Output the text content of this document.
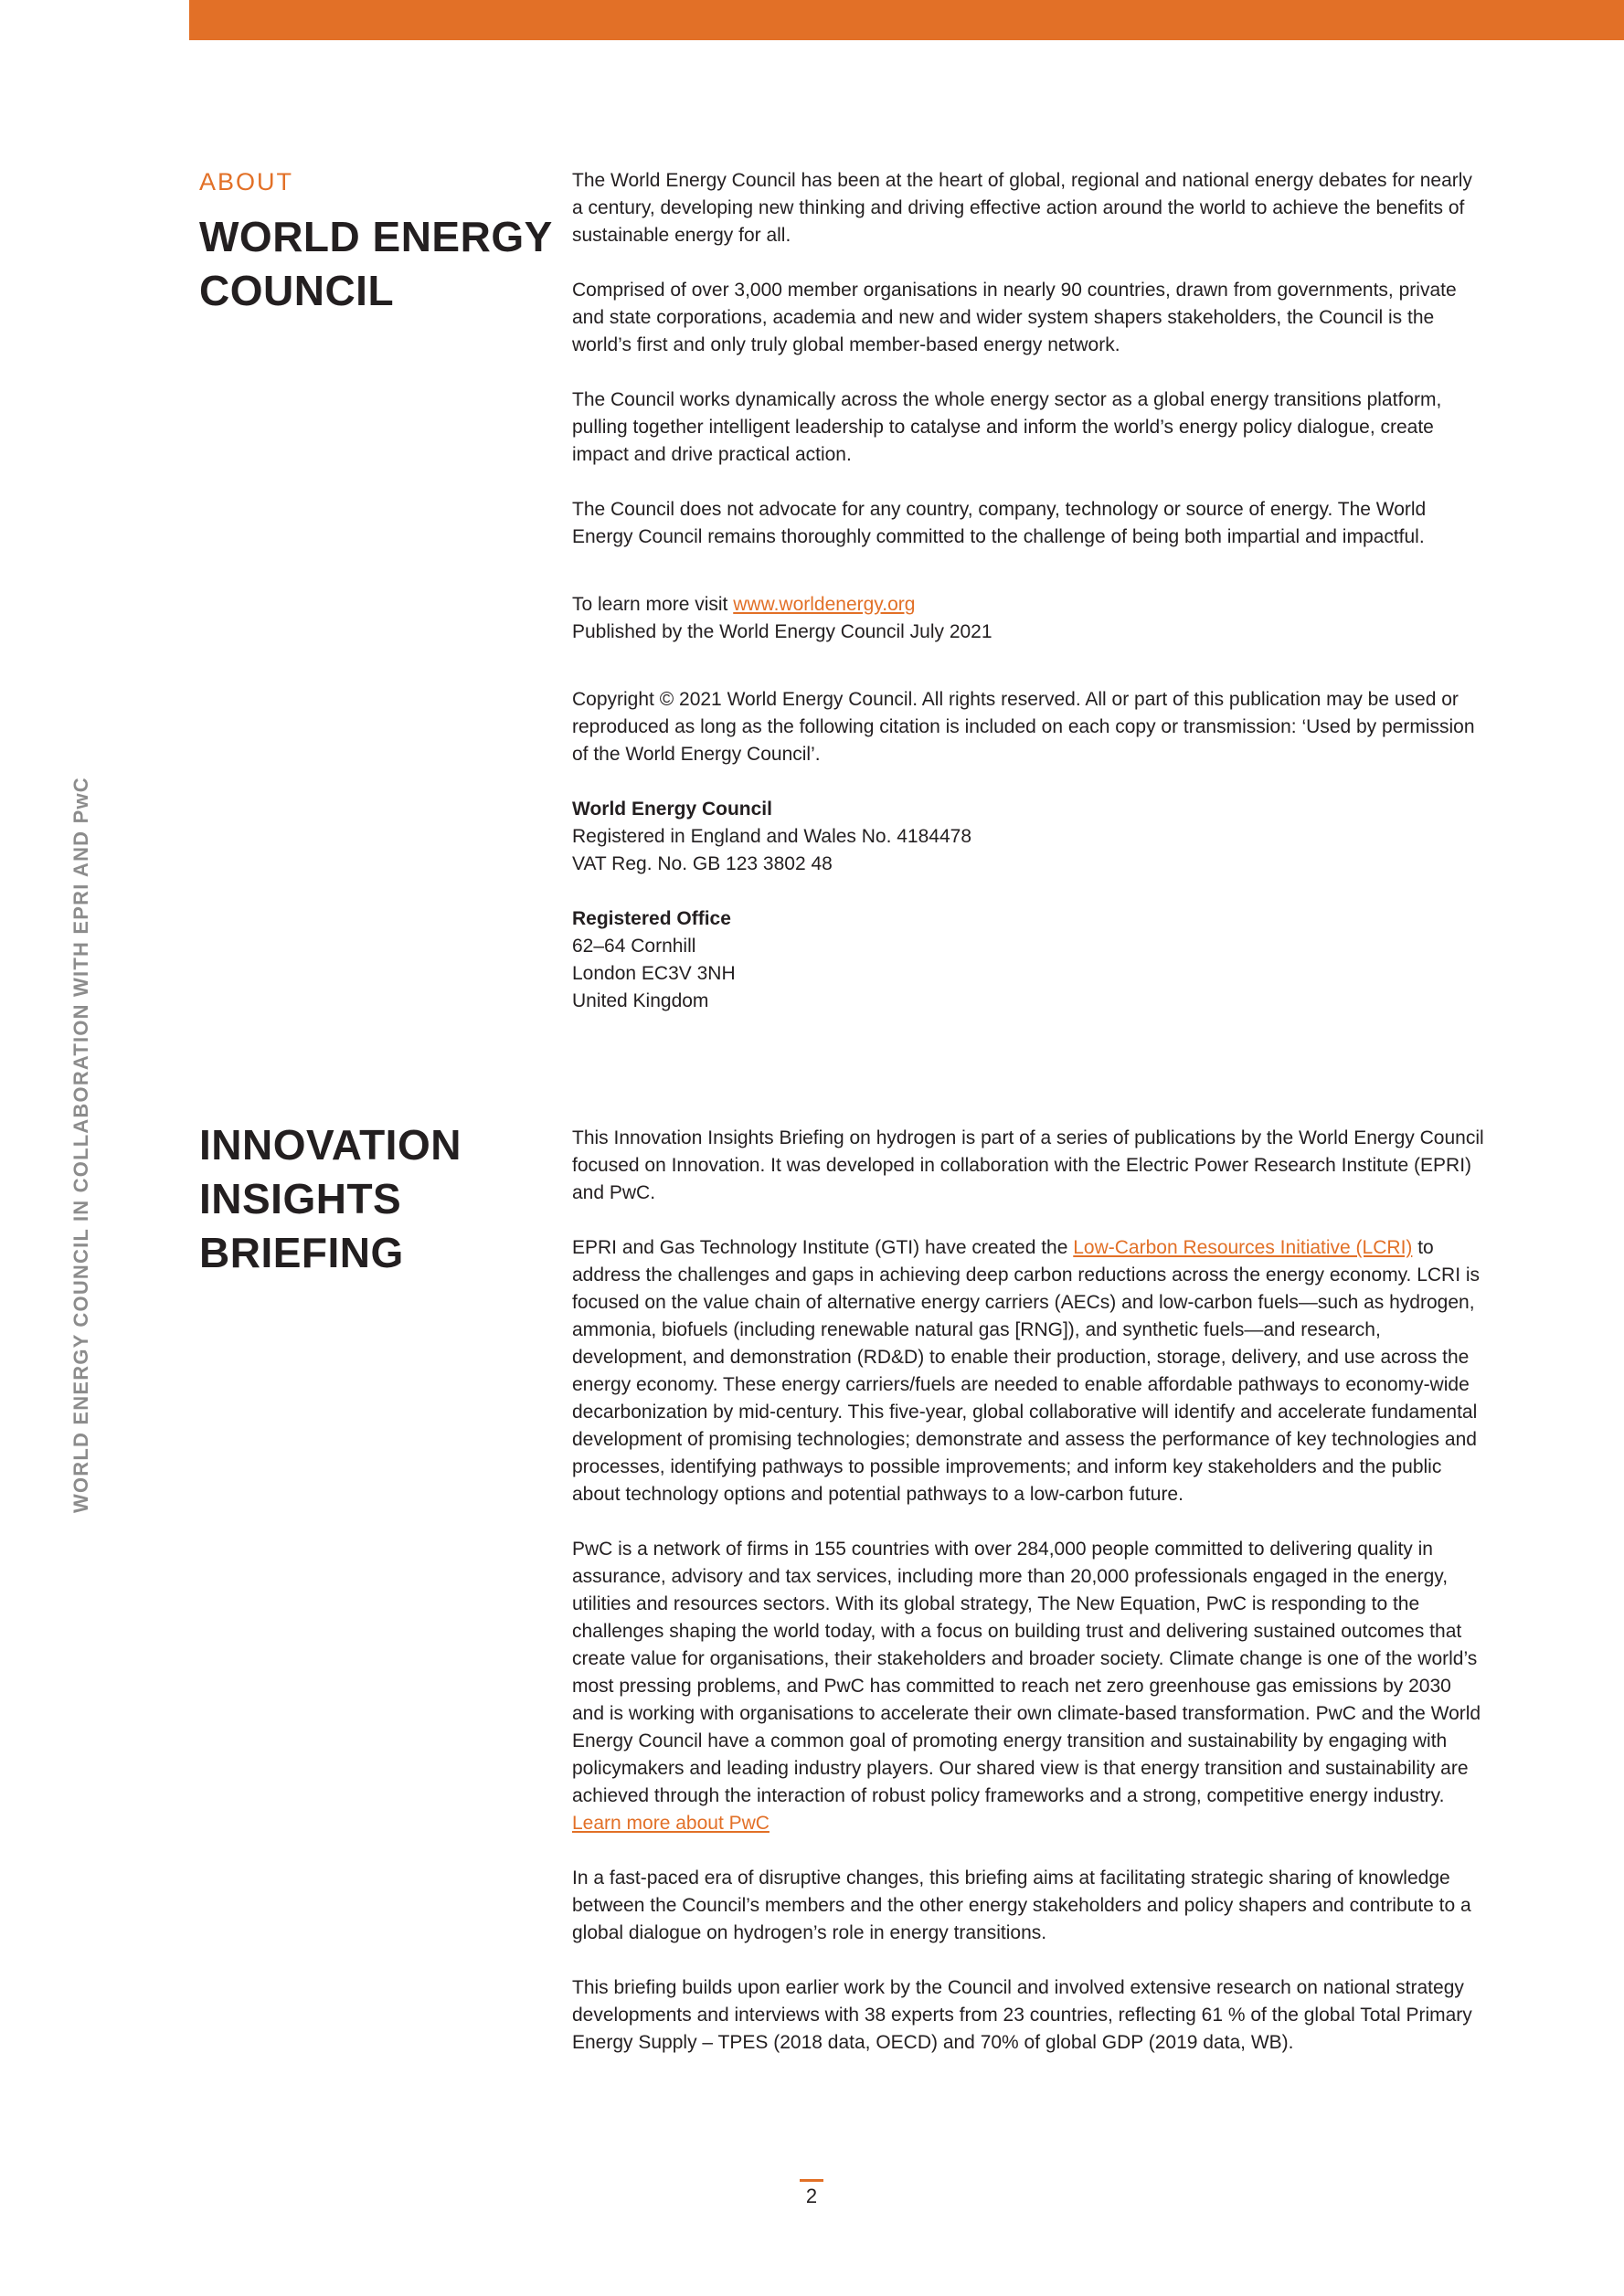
WORLD ENERGY COUNCIL IN COLLABORATION WITH EPRI AND PwC
ABOUT
WORLD ENERGY
COUNCIL

The World Energy Council has been at the heart of global, regional and national energy debates for nearly a century, developing new thinking and driving effective action around the world to achieve the benefits of sustainable energy for all.

Comprised of over 3,000 member organisations in nearly 90 countries, drawn from governments, private and state corporations, academia and new and wider system shapers stakeholders, the Council is the world’s first and only truly global member-based energy network.

The Council works dynamically across the whole energy sector as a global energy transitions platform, pulling together intelligent leadership to catalyse and inform the world’s energy policy dialogue, create impact and drive practical action.

The Council does not advocate for any country, company, technology or source of energy. The World Energy Council remains thoroughly committed to the challenge of being both impartial and impactful.

To learn more visit www.worldenergy.org

Published by the World Energy Council July 2021

Copyright © 2021 World Energy Council. All rights reserved. All or part of this publication may be used or reproduced as long as the following citation is included on each copy or transmission: ‘Used by permission of the World Energy Council’.

World Energy Council

Registered in England and Wales No. 4184478

VAT Reg. No. GB 123 3802 48

Registered Office

62–64 Cornhill

London EC3V 3NH

United Kingdom

INNOVATION
INSIGHTS
BRIEFING

This Innovation Insights Briefing on hydrogen is part of a series of publications by the World Energy Council focused on Innovation. It was developed in collaboration with the Electric Power Research Institute (EPRI) and PwC.

EPRI and Gas Technology Institute (GTI) have created the Low-Carbon Resources Initiative (LCRI) to address the challenges and gaps in achieving deep carbon reductions across the energy economy. LCRI is focused on the value chain of alternative energy carriers (AECs) and low-carbon fuels—such as hydrogen, ammonia, biofuels (including renewable natural gas [RNG]), and synthetic fuels—and research, development, and demonstration (RD&D) to enable their production, storage, delivery, and use across the energy economy. These energy carriers/fuels are needed to enable affordable pathways to economy-wide decarbonization by mid-century. This five-year, global collaborative will identify and accelerate fundamental development of promising technologies; demonstrate and assess the performance of key technologies and processes, identifying pathways to possible improvements; and inform key stakeholders and the public about technology options and potential pathways to a low-carbon future.

PwC is a network of firms in 155 countries with over 284,000 people committed to delivering quality in assurance, advisory and tax services, including more than 20,000 professionals engaged in the energy, utilities and resources sectors. With its global strategy, The New Equation, PwC is responding to the challenges shaping the world today, with a focus on building trust and delivering sustained outcomes that create value for organisations, their stakeholders and broader society. Climate change is one of the world’s most pressing problems, and PwC has committed to reach net zero greenhouse gas emissions by 2030 and is working with organisations to accelerate their own climate-based transformation. PwC and the World Energy Council have a common goal of promoting energy transition and sustainability by engaging with policymakers and leading industry players. Our shared view is that energy transition and sustainability are achieved through the interaction of robust policy frameworks and a strong, competitive energy industry.

Learn more about PwC

In a fast-paced era of disruptive changes, this briefing aims at facilitating strategic sharing of knowledge between the Council’s members and the other energy stakeholders and policy shapers and contribute to a global dialogue on hydrogen’s role in energy transitions.

This briefing builds upon earlier work by the Council and involved extensive research on national strategy developments and interviews with 38 experts from 23 countries, reflecting 61 % of the global Total Primary Energy Supply – TPES (2018 data, OECD) and 70% of global GDP (2019 data, WB).

2
